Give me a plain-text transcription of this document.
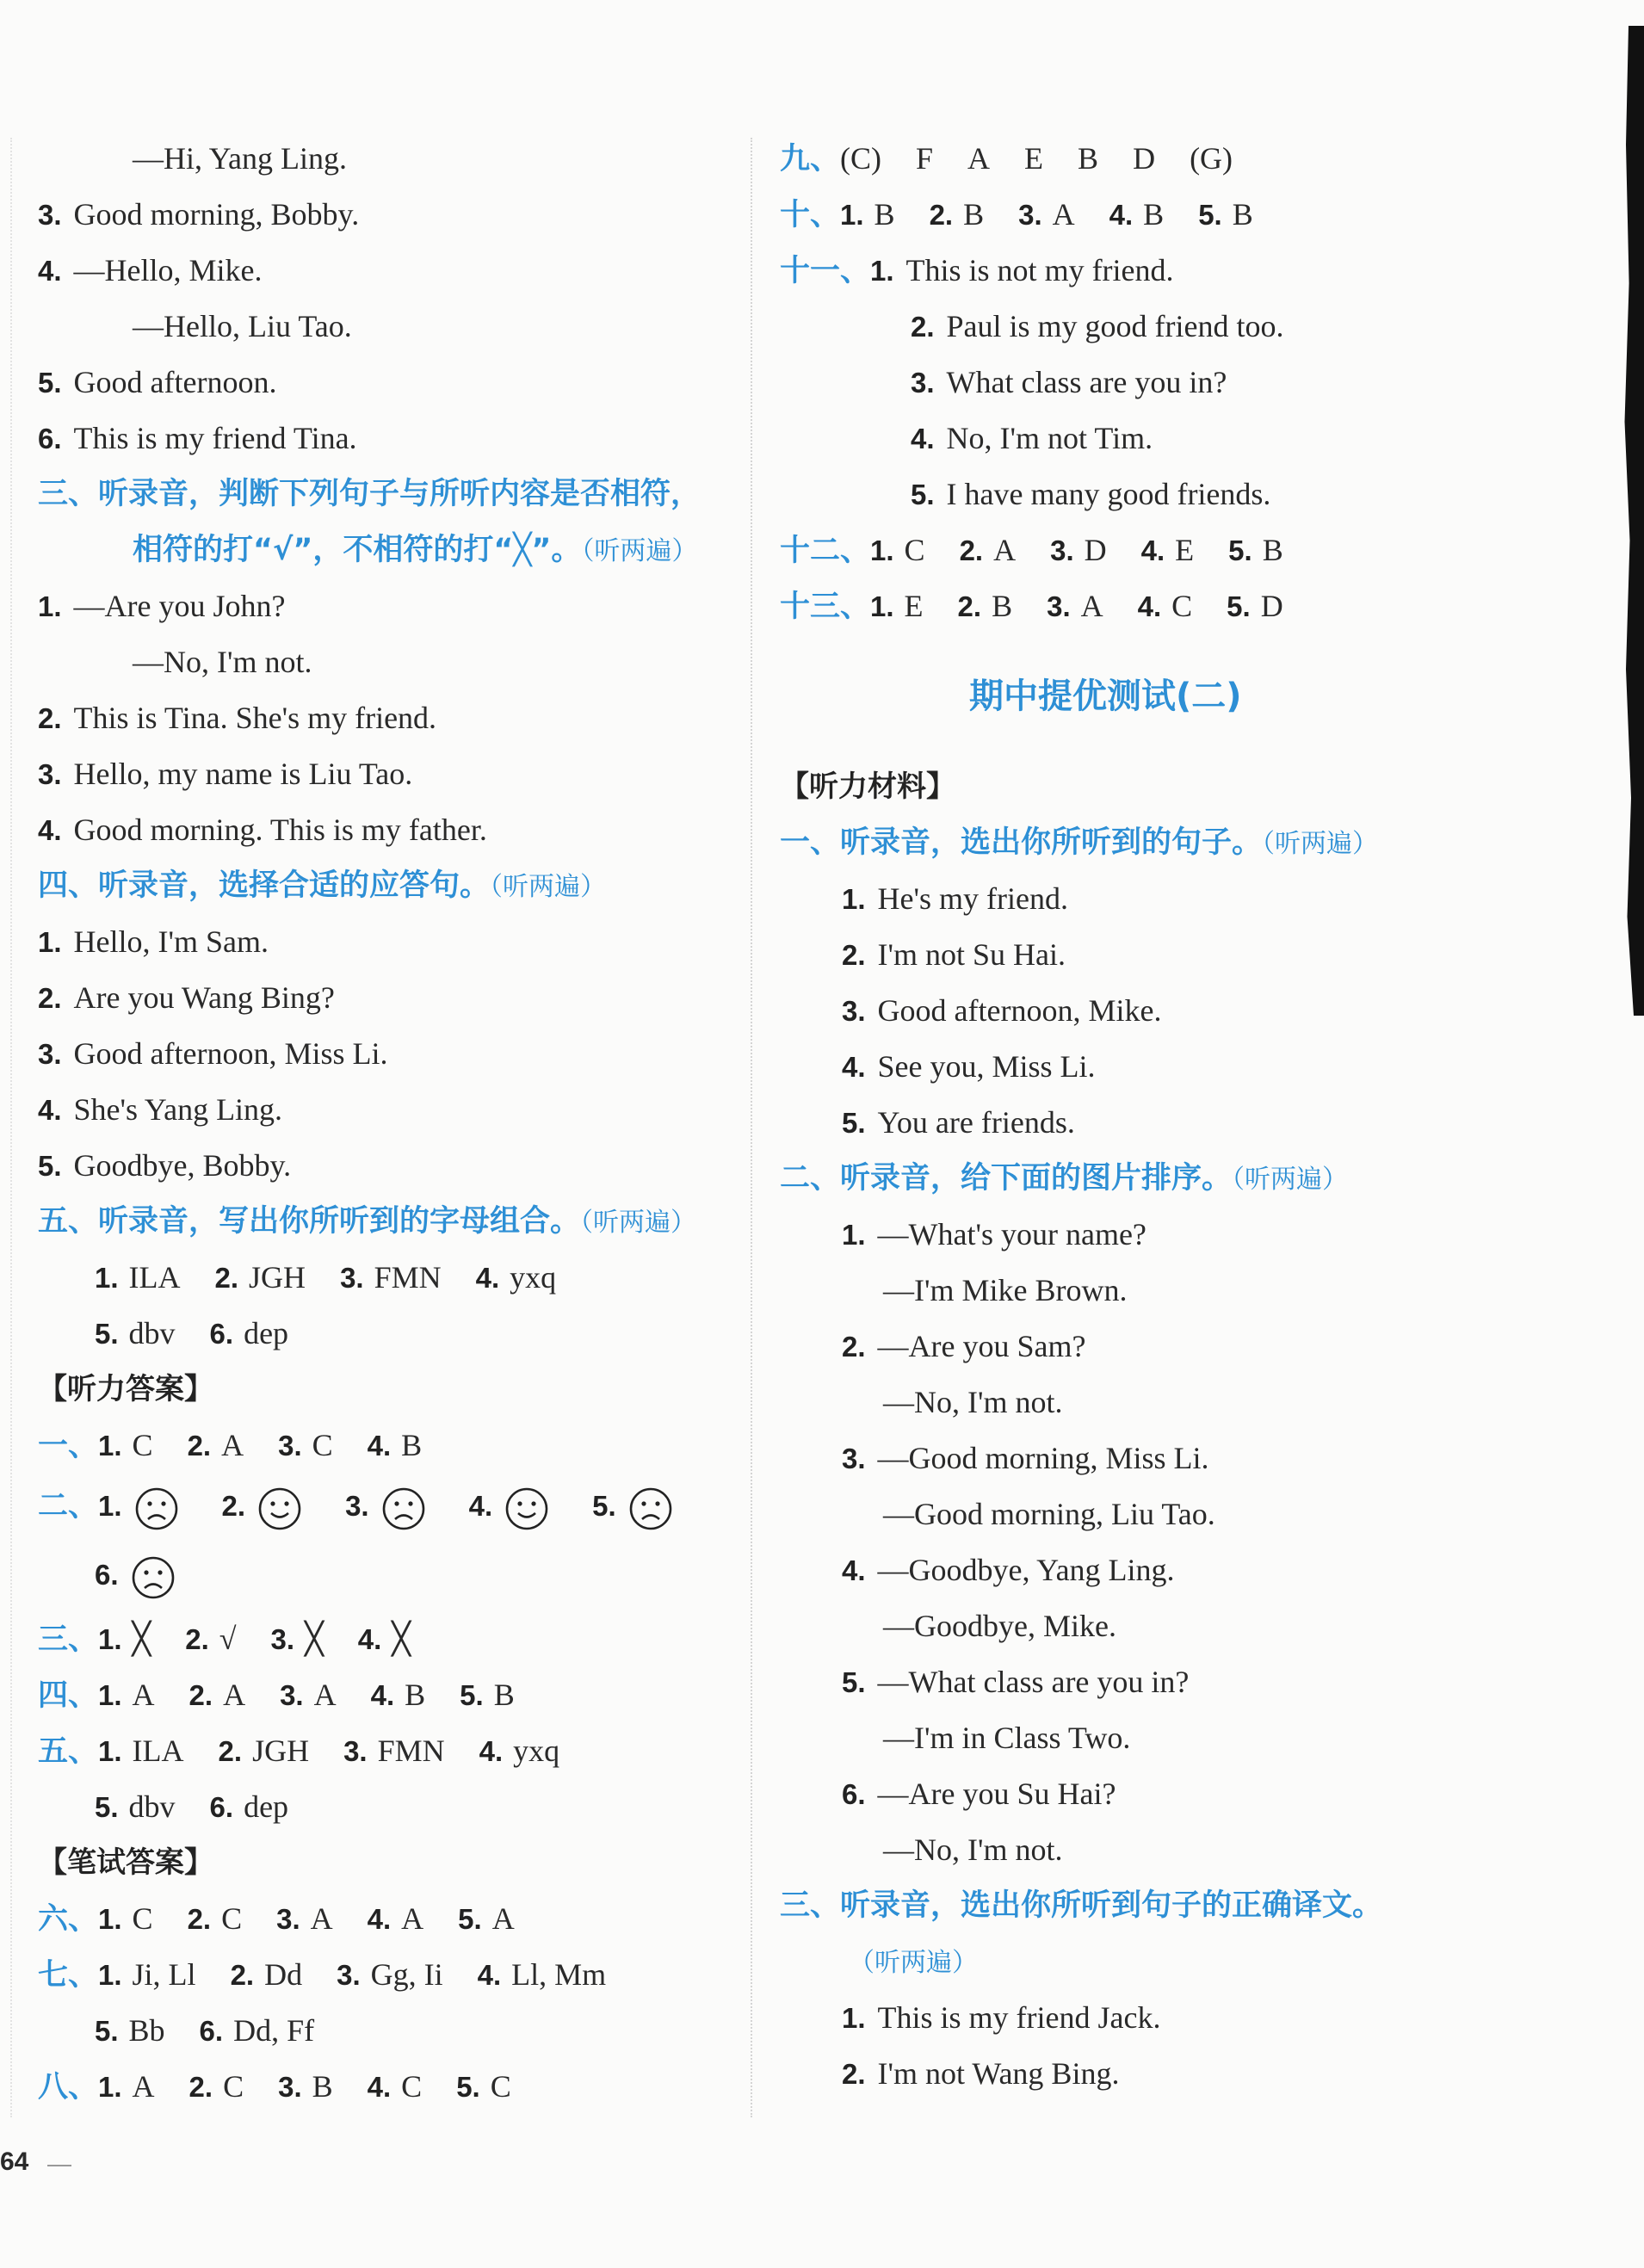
—Hi, Yang Ling.
3. Good morning, Bobby.
4. —Hello, Mike.
—Hello, Liu Tao.
5. Good afternoon.
6. This is my friend Tina.
三、听录音，判断下列句子与所听内容是否相符，
相符的打“√”，不相符的打“╳”。（听两遍）
1. —Are you John?
—No, I'm not.
2. This is Tina. She's my friend.
3. Hello, my name is Liu Tao.
4. Good morning. This is my father.
四、听录音，选择合适的应答句。（听两遍）
1. Hello, I'm Sam.
2. Are you Wang Bing?
3. Good afternoon, Miss Li.
4. She's Yang Ling.
5. Goodbye, Bobby.
五、听录音，写出你所听到的字母组合。（听两遍）
1. ILA 2. JGH 3. FMN 4. yxq
5. dbv 6. dep
【听力答案】
一、1. C 2. A 3. C 4. B
二、1.	2.	3.	4.	5.
6.
三、1. ╳ 2. √ 3. ╳ 4. ╳
四、1. A 2. A 3. A 4. B 5. B
五、1. ILA 2. JGH 3. FMN 4. yxq
5. dbv 6. dep
【笔试答案】
六、1. C 2. C 3. A 4. A 5. A
七、1. Ji, Ll 2. Dd 3. Gg, Ii 4. Ll, Mm
5. Bb 6. Dd, Ff
八、1. A 2. C 3. B 4. C 5. C
九、(C) F A E B D (G)
十、1. B 2. B 3. A 4. B 5. B
十一、1. This is not my friend.
2. Paul is my good friend too.
3. What class are you in?
4. No, I'm not Tim.
5. I have many good friends.
十二、1. C 2. A 3. D 4. E 5. B
十三、1. E 2. B 3. A 4. C 5. D
期中提优测试(二)
【听力材料】
一、听录音，选出你所听到的句子。（听两遍）
1. He's my friend.
2. I'm not Su Hai.
3. Good afternoon, Mike.
4. See you, Miss Li.
5. You are friends.
二、听录音，给下面的图片排序。（听两遍）
1. —What's your name?
—I'm Mike Brown.
2. —Are you Sam?
—No, I'm not.
3. —Good morning, Miss Li.
—Good morning, Liu Tao.
4. —Goodbye, Yang Ling.
—Goodbye, Mike.
5. —What class are you in?
—I'm in Class Two.
6. —Are you Su Hai?
—No, I'm not.
三、听录音，选出你所听到句子的正确译文。
（听两遍）
1. This is my friend Jack.
2. I'm not Wang Bing.
64
